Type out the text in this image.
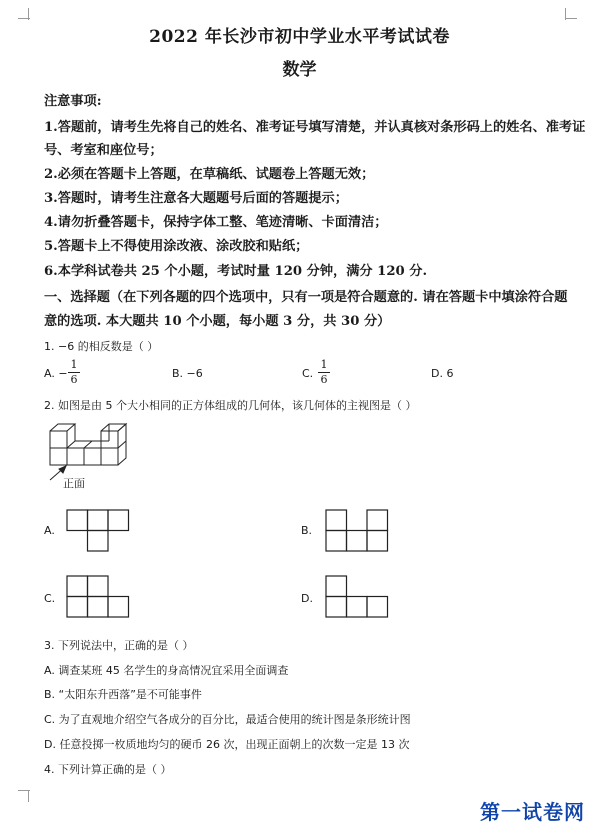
2022 年长沙市初中学业水平考试试卷
数学
注意事项:
1.答题前，请考生先将自己的姓名、准考证号填写清楚，并认真核对条形码上的姓名、准考证
号、考室和座位号；
2.必须在答题卡上答题，在草稿纸、试题卷上答题无效；
3.答题时，请考生注意各大题题号后面的答题提示；
4.请勿折叠答题卡，保持字体工整、笔迹清晰、卡面清洁；
5.答题卡上不得使用涂改液、涂改胶和贴纸；
6.本学科试卷共 25 个小题，考试时量 120 分钟，满分 120 分.
一、选择题（在下列各题的四个选项中，只有一项是符合题意的. 请在答题卡中填涂符合题
意的选项. 本大题共 10 个小题，每小题 3 分，共 30 分）
1. −6 的相反数是（ ）
A. − $\frac{1}{6}$	B. −6	C. $\frac{1}{6}$	D. 6
2. 如图是由 5 个大小相同的正方体组成的几何体，该几何体的主视图是（ ）
正面
A.	B.
C.	D.
3. 下列说法中，正确的是（ ）
A. 调查某班 45 名学生的身高情况宜采用全面调查
B. “太阳东升西落”是不可能事件
C. 为了直观地介绍空气各成分的百分比，最适合使用的统计图是条形统计图
D. 任意投掷一枚质地均匀的硬币 26 次，出现正面朝上的次数一定是 13 次
4. 下列计算正确的是（ ）
第一试卷网
